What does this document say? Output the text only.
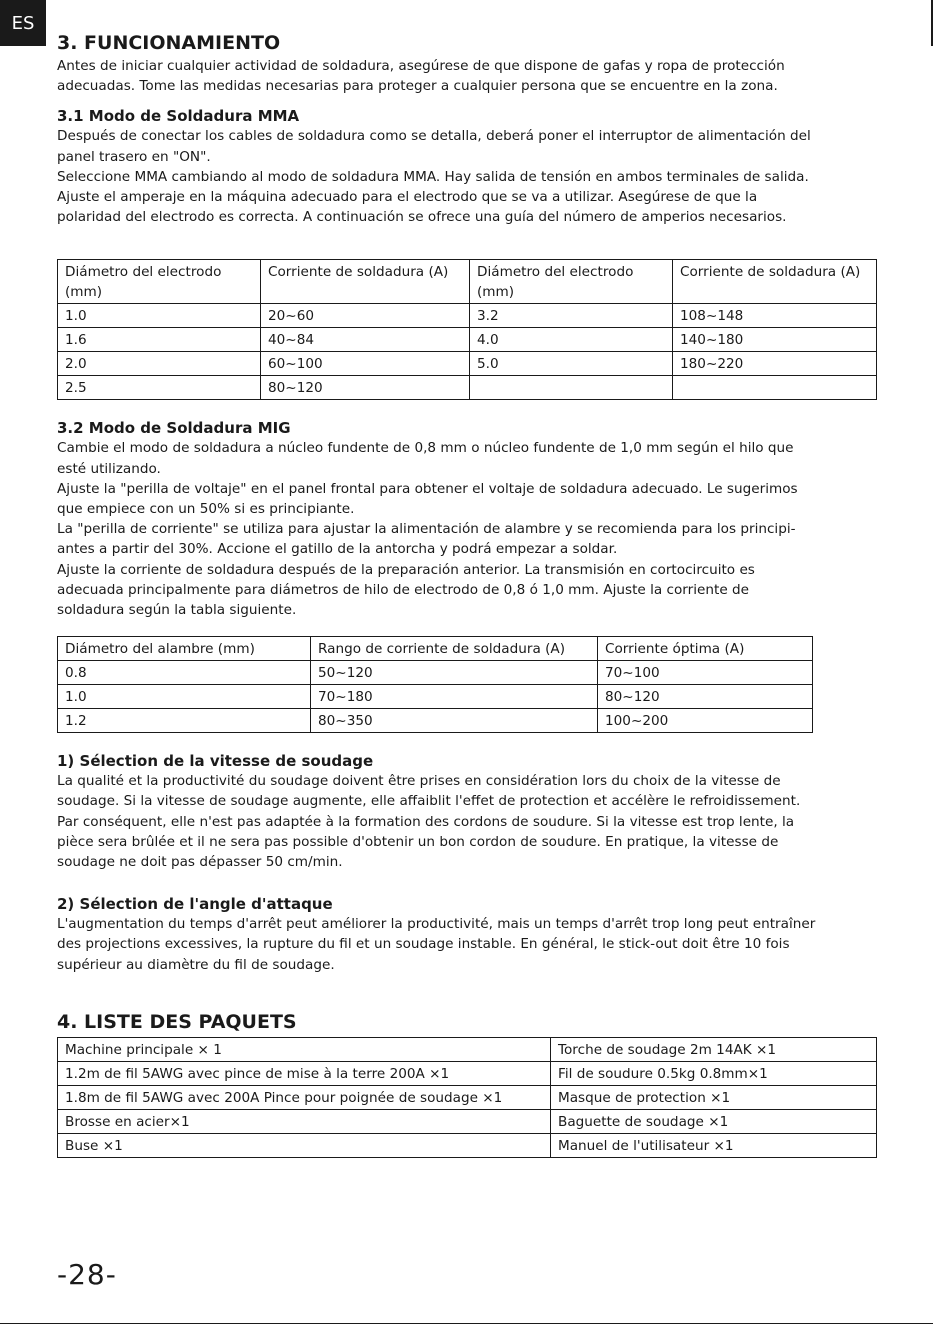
ES
3. FUNCIONAMIENTO
Antes de iniciar cualquier actividad de soldadura, asegúrese de que dispone de gafas y ropa de protección
adecuadas. Tome las medidas necesarias para proteger a cualquier persona que se encuentre en la zona.
3.1 Modo de Soldadura MMA
Después de conectar los cables de soldadura como se detalla, deberá poner el interruptor de alimentación del
panel trasero en "ON".
Seleccione MMA cambiando al modo de soldadura MMA. Hay salida de tensión en ambos terminales de salida.
Ajuste el amperaje en la máquina adecuado para el electrodo que se va a utilizar. Asegúrese de que la
polaridad del electrodo es correcta. A continuación se ofrece una guía del número de amperios necesarios.
Diámetro del electrodo (mm)	Corriente de soldadura (A)	Diámetro del electrodo (mm)	Corriente de soldadura (A)
1.0	20~60	3.2	108~148
1.6	40~84	4.0	140~180
2.0	60~100	5.0	180~220
2.5	80~120		
3.2 Modo de Soldadura MIG
Cambie el modo de soldadura a núcleo fundente de 0,8 mm o núcleo fundente de 1,0 mm según el hilo que
esté utilizando.
Ajuste la "perilla de voltaje" en el panel frontal para obtener el voltaje de soldadura adecuado. Le sugerimos
que empiece con un 50% si es principiante.
La "perilla de corriente" se utiliza para ajustar la alimentación de alambre y se recomienda para los principi-
antes a partir del 30%. Accione el gatillo de la antorcha y podrá empezar a soldar.
Ajuste la corriente de soldadura después de la preparación anterior. La transmisión en cortocircuito es
adecuada principalmente para diámetros de hilo de electrodo de 0,8 ó 1,0 mm. Ajuste la corriente de
soldadura según la tabla siguiente.
Diámetro del alambre (mm)	Rango de corriente de soldadura (A)	Corriente óptima (A)
0.8	50~120	70~100
1.0	70~180	80~120
1.2	80~350	100~200
1) Sélection de la vitesse de soudage
La qualité et la productivité du soudage doivent être prises en considération lors du choix de la vitesse de
soudage. Si la vitesse de soudage augmente, elle affaiblit l'effet de protection et accélère le refroidissement.
Par conséquent, elle n'est pas adaptée à la formation des cordons de soudure. Si la vitesse est trop lente, la
pièce sera brûlée et il ne sera pas possible d'obtenir un bon cordon de soudure. En pratique, la vitesse de
soudage ne doit pas dépasser 50 cm/min.
2) Sélection de l'angle d'attaque
L'augmentation du temps d'arrêt peut améliorer la productivité, mais un temps d'arrêt trop long peut entraîner
des projections excessives, la rupture du fil et un soudage instable. En général, le stick-out doit être 10 fois
supérieur au diamètre du fil de soudage.
4. LISTE DES PAQUETS
Machine principale × 1	Torche de soudage 2m 14AK ×1
1.2m de fil 5AWG avec pince de mise à la terre 200A ×1	Fil de soudure 0.5kg 0.8mm×1
1.8m de fil 5AWG avec 200A Pince pour poignée de soudage ×1	Masque de protection ×1
Brosse en acier×1	Baguette de soudage ×1
Buse ×1	Manuel de l'utilisateur ×1
-28-
